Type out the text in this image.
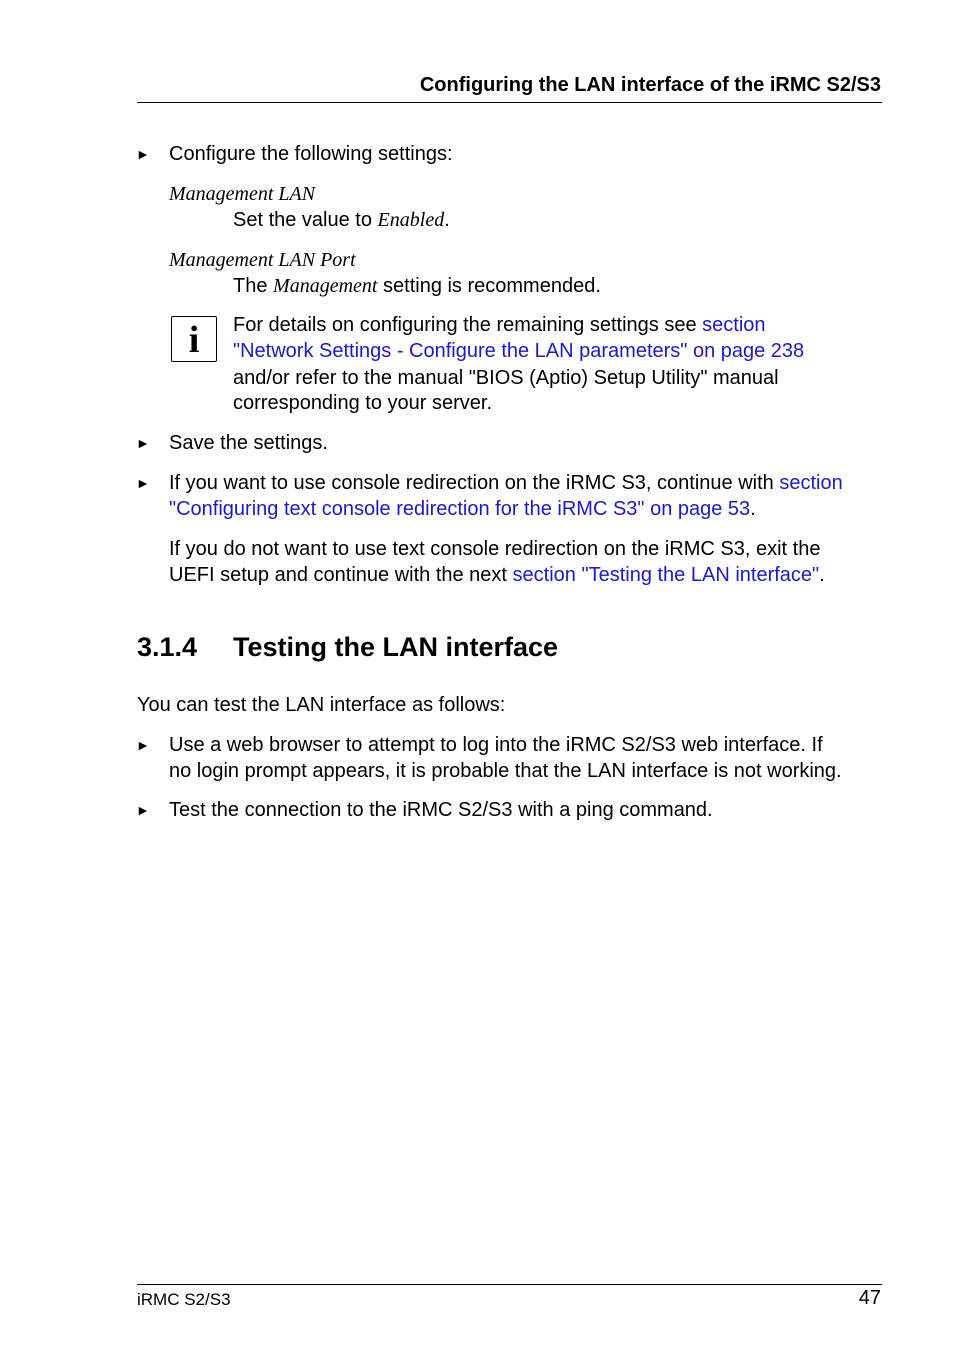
Configuring the LAN interface of the iRMC S2/S3
► Configure the following settings:
Management LAN
Set the value to Enabled.
Management LAN Port
The Management setting is recommended.
i	For details on configuring the remaining settings see section
"Network Settings - Configure the LAN parameters" on page 238
and/or refer to the manual "BIOS (Aptio) Setup Utility" manual
corresponding to your server.
► Save the settings.
► If you want to use console redirection on the iRMC S3, continue with section
"Configuring text console redirection for the iRMC S3" on page 53.
If you do not want to use text console redirection on the iRMC S3, exit the
UEFI setup and continue with the next section "Testing the LAN interface".
3.1.4 Testing the LAN interface
You can test the LAN interface as follows:
► Use a web browser to attempt to log into the iRMC S2/S3 web interface. If
no login prompt appears, it is probable that the LAN interface is not working.
► Test the connection to the iRMC S2/S3 with a ping command.
iRMC S2/S3	47
